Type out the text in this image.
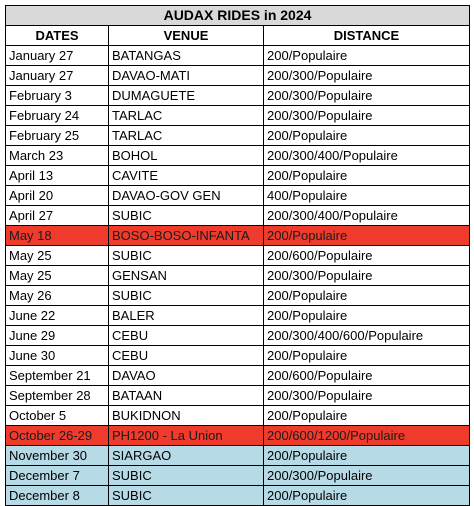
AUDAX RIDES in 2024		
DATES	VENUE	DISTANCE
January 27	BATANGAS	200/Populaire
January 27	DAVAO-MATI	200/300/Populaire
February 3	DUMAGUETE	200/300/Populaire
February 24	TARLAC	200/300/Populaire
February 25	TARLAC	200/Populaire
March 23	BOHOL	200/300/400/Populaire
April 13	CAVITE	200/Populaire
April 20	DAVAO-GOV GEN	400/Populaire
April 27	SUBIC	200/300/400/Populaire
May 18	BOSO-BOSO-INFANTA	200/Populaire
May 25	SUBIC	200/600/Populaire
May 25	GENSAN	200/300/Populaire
May 26	SUBIC	200/Populaire
June 22	BALER	200/Populaire
June 29	CEBU	200/300/400/600/Populaire
June 30	CEBU	200/Populaire
September 21	DAVAO	200/600/Populaire
September 28	BATAAN	200/300/Populaire
October 5	BUKIDNON	200/Populaire
October 26-29	PH1200 - La Union	200/600/1200/Populaire
November 30	SIARGAO	200/Populaire
December 7	SUBIC	200/300/Populaire
December 8	SUBIC	200/Populaire
